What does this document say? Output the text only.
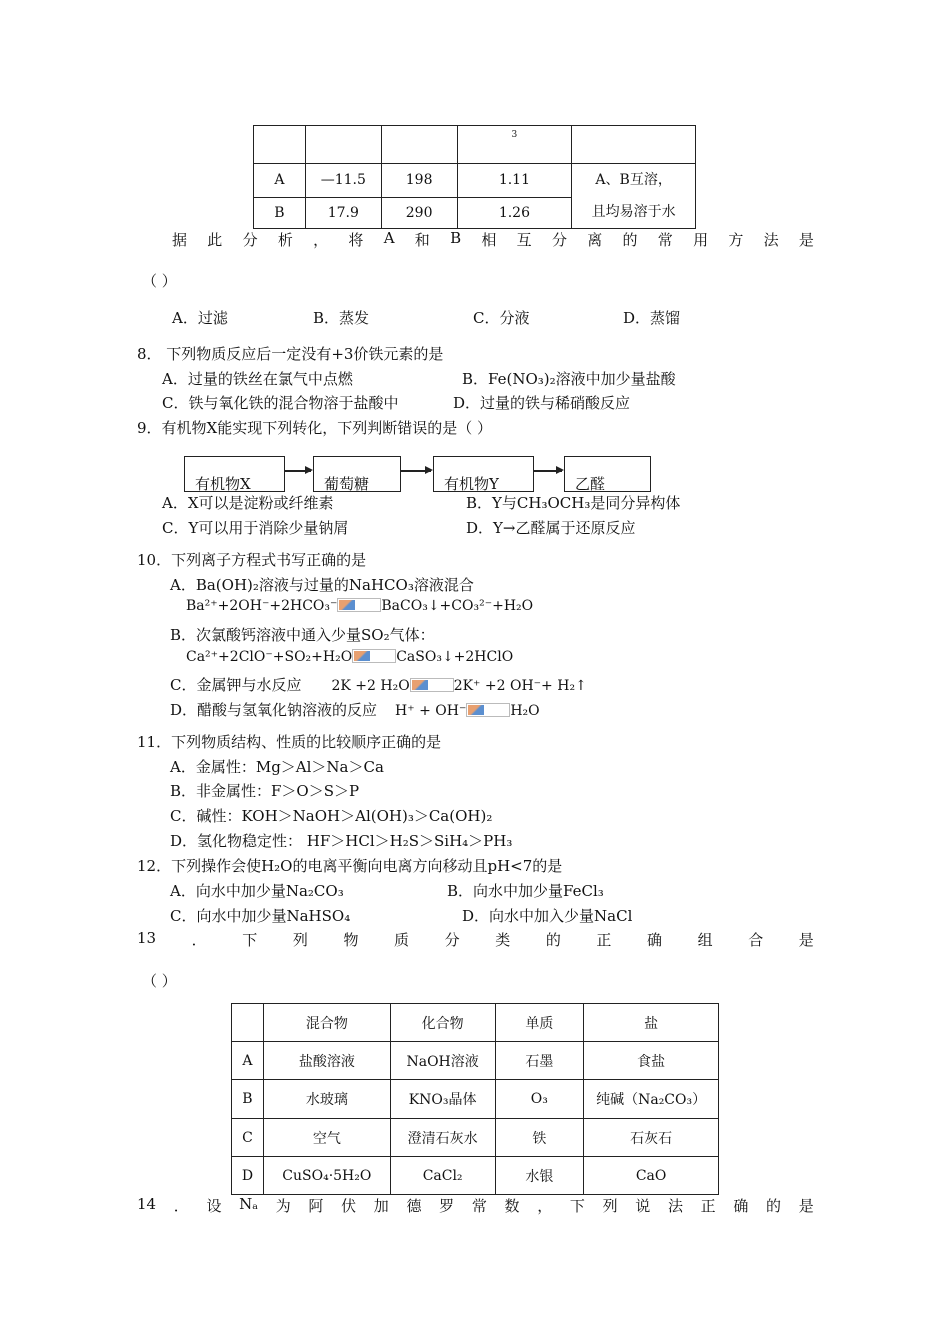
			3	
A	—11.5	198	1.11	A、B互溶，
且均易溶于水

B	17.9	290	1.26	
据 此 分 析 ， 将 A 和 B 相 互 分 离 的 常 用 方 法 是
（ ）
A．过滤	B．蒸发	C．分液	D．蒸馏
8． 下列物质反应后一定没有+3价铁元素的是
A．过量的铁丝在氯气中点燃	B．Fe(NO₃)₂溶液中加少量盐酸
C．铁与氧化铁的混合物溶于盐酸中	D．过量的铁与稀硝酸反应
9．有机物X能实现下列转化，下列判断错误的是（ ）
有机物X	葡萄糖	有机物Y	乙醛
A．X可以是淀粉或纤维素	B．Y与CH₃OCH₃是同分异构体
C．Y可以用于消除少量钠屑	D．Y→乙醛属于还原反应
10．下列离子方程式书写正确的是
A．Ba(OH)₂溶液与过量的NaHCO₃溶液混合
Ba²⁺+2OH⁻+2HCO₃⁻	BaCO₃↓+CO₃²⁻+H₂O
B．次氯酸钙溶液中通入少量SO₂气体：
Ca²⁺+2ClO⁻+SO₂+H₂O	CaSO₃↓+2HClO
C．金属钾与水反应 2K +2 H₂O	2K⁺ +2 OH⁻+ H₂↑
D．醋酸与氢氧化钠溶液的反应 H⁺ + OH⁻	H₂O
11．下列物质结构、性质的比较顺序正确的是
A．金属性：Mg＞Al＞Na＞Ca
B．非金属性：F＞O＞S＞P
C．碱性：KOH＞NaOH＞Al(OH)₃＞Ca(OH)₂
D．氢化物稳定性： HF＞HCl＞H₂S＞SiH₄＞PH₃
12．下列操作会使H₂O的电离平衡向电离方向移动且pH<7的是
A．向水中加少量Na₂CO₃	B．向水中加少量FeCl₃
C．向水中加少量NaHSO₄	D．向水中加入少量NaCl
13 ． 下 列 物 质 分 类 的 正 确 组 合 是
（ ）
	混合物	化合物	单质	盐
A	盐酸溶液	NaOH溶液	石墨	食盐
B	水玻璃	KNO₃晶体	O₃	纯碱（Na₂CO₃）
C	空气	澄清石灰水	铁	石灰石
D	CuSO₄·5H₂O	CaCl₂	水银	CaO
14 ． 设 Nₐ 为 阿 伏 加 德 罗 常 数 ， 下 列 说 法 正 确 的 是
